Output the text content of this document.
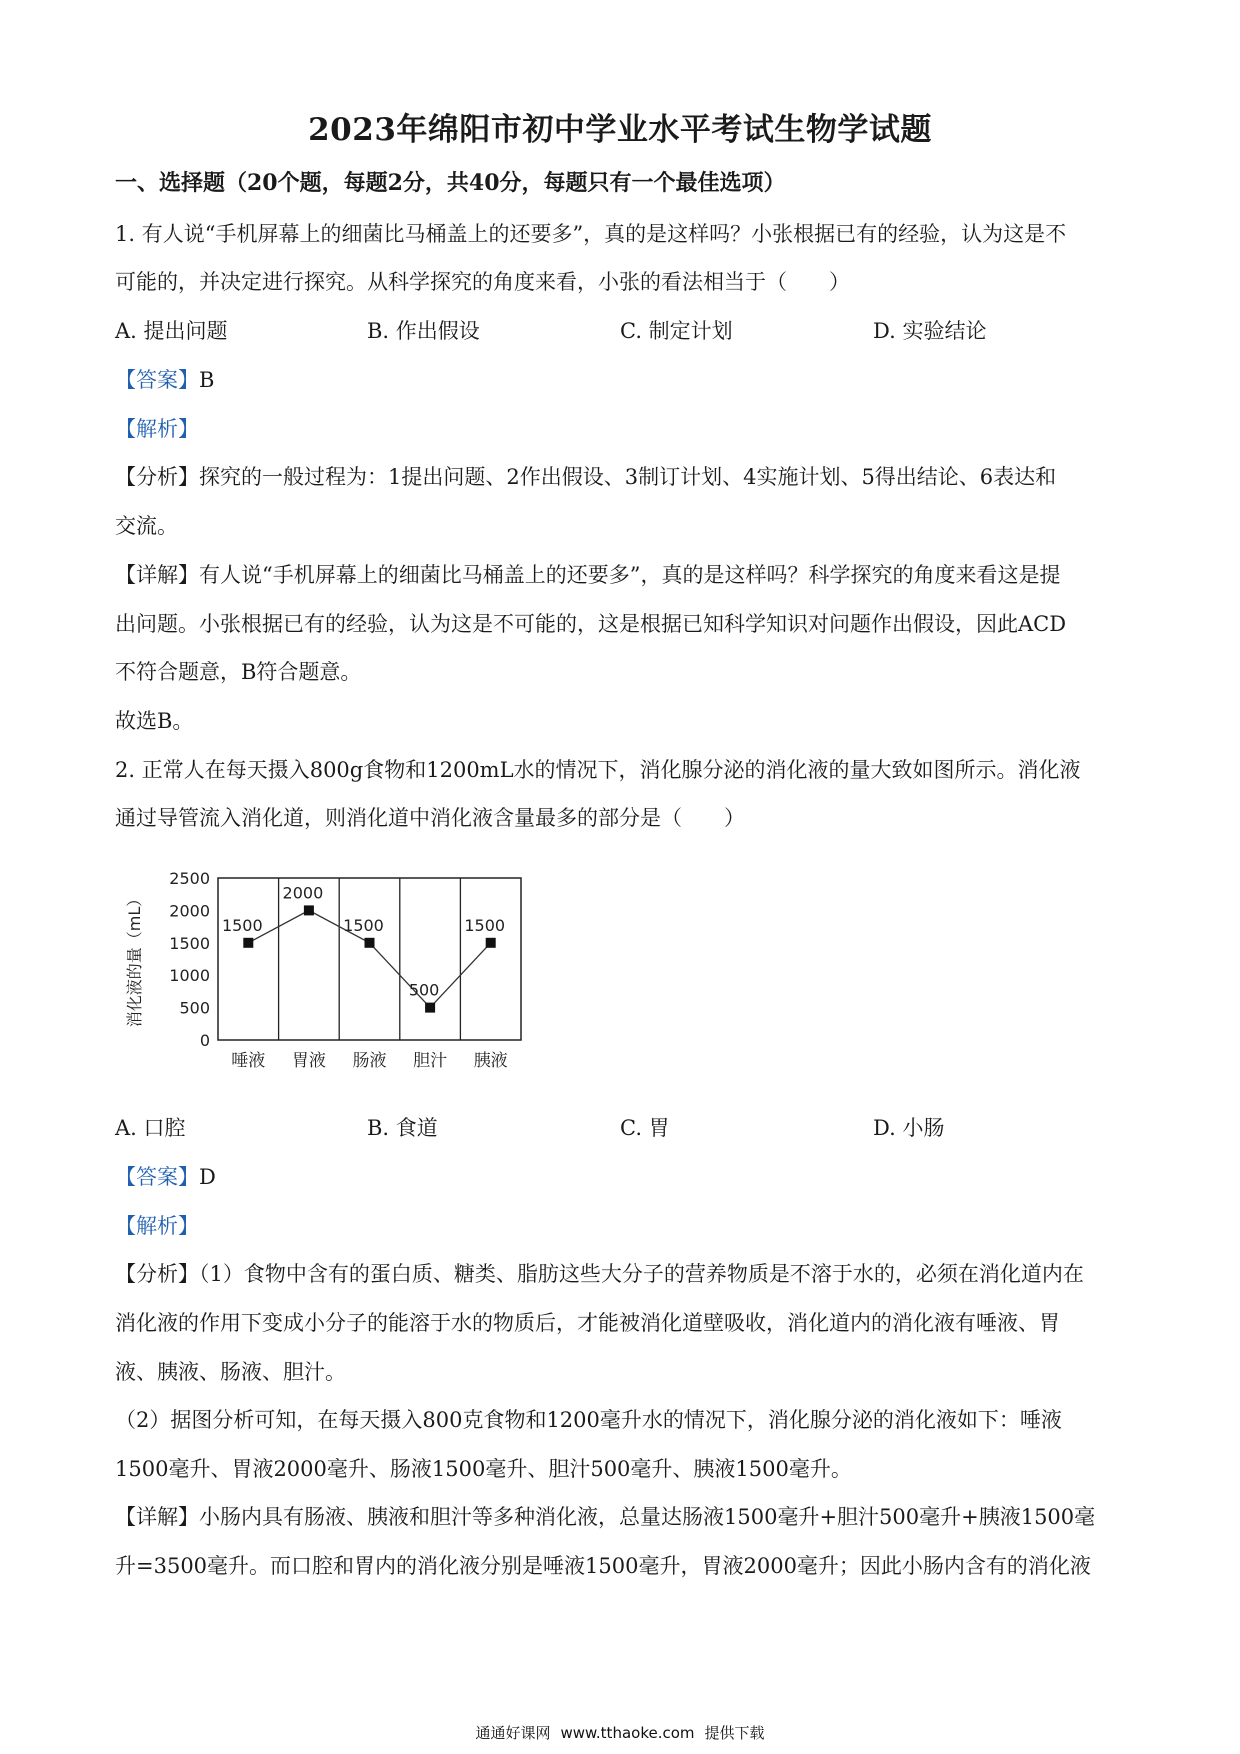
2023年绵阳市初中学业水平考试生物学试题
一、选择题（20个题，每题2分，共40分，每题只有一个最佳选项）
1. 有人说“手机屏幕上的细菌比马桶盖上的还要多”，真的是这样吗？小张根据已有的经验，认为这是不
可能的，并决定进行探究。从科学探究的角度来看，小张的看法相当于（　　）
A. 提出问题	B. 作出假设	C. 制定计划	D. 实验结论
【答案】B
【解析】
【分析】探究的一般过程为：1提出问题、2作出假设、3制订计划、4实施计划、5得出结论、6表达和
交流。
【详解】有人说“手机屏幕上的细菌比马桶盖上的还要多”，真的是这样吗？科学探究的角度来看这是提
出问题。小张根据已有的经验，认为这是不可能的，这是根据已知科学知识对问题作出假设，因此ACD
不符合题意，B符合题意。
故选B。
2. 正常人在每天摄入800g食物和1200mL水的情况下，消化腺分泌的消化液的量大致如图所示。消化液
通过导管流入消化道，则消化道中消化液含量最多的部分是（　　）
0
500
1000
1500
2000
2500
消化液的量（mL）
唾液 胃液 肠液 胆汁 胰液
1500
2000
1500
500
1500
A. 口腔	B. 食道	C. 胃	D. 小肠
【答案】D
【解析】
【分析】（1）食物中含有的蛋白质、糖类、脂肪这些大分子的营养物质是不溶于水的，必须在消化道内在
消化液的作用下变成小分子的能溶于水的物质后，才能被消化道壁吸收，消化道内的消化液有唾液、胃
液、胰液、肠液、胆汁。
（2）据图分析可知，在每天摄入800克食物和1200毫升水的情况下，消化腺分泌的消化液如下：唾液
1500毫升、胃液2000毫升、肠液1500毫升、胆汁500毫升、胰液1500毫升。
【详解】小肠内具有肠液、胰液和胆汁等多种消化液，总量达肠液1500毫升+胆汁500毫升+胰液1500毫
升=3500毫升。而口腔和胃内的消化液分别是唾液1500毫升，胃液2000毫升；因此小肠内含有的消化液
通通好课网 www.tthaoke.com 提供下载
